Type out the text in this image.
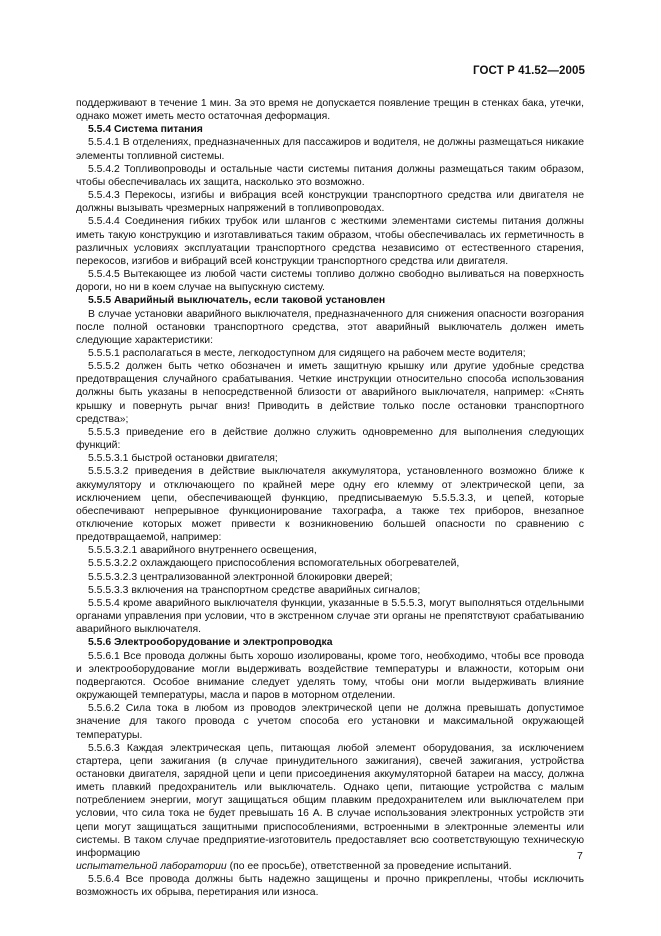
ГОСТ Р 41.52—2005

поддерживают в течение 1 мин. За это время не допускается появление трещин в стенках бака, утечки, однако может иметь место остаточная деформация.

5.5.4 Система питания

5.5.4.1 В отделениях, предназначенных для пассажиров и водителя, не должны размещаться никакие элементы топливной системы.

5.5.4.2 Топливопроводы и остальные части системы питания должны размещаться таким образом, чтобы обеспечивалась их защита, насколько это возможно.

5.5.4.3 Перекосы, изгибы и вибрация всей конструкции транспортного средства или двигателя не должны вызывать чрезмерных напряжений в топливопроводах.

5.5.4.4 Соединения гибких трубок или шлангов с жесткими элементами системы питания должны иметь такую конструкцию и изготавливаться таким образом, чтобы обеспечивалась их герметичность в различных условиях эксплуатации транспортного средства независимо от естественного старения, перекосов, изгибов и вибраций всей конструкции транспортного средства или двигателя.

5.5.4.5 Вытекающее из любой части системы топливо должно свободно выливаться на поверхность дороги, но ни в коем случае на выпускную систему.

5.5.5 Аварийный выключатель, если таковой установлен

В случае установки аварийного выключателя, предназначенного для снижения опасности возгорания после полной остановки транспортного средства, этот аварийный выключатель должен иметь следующие характеристики:

5.5.5.1 располагаться в месте, легкодоступном для сидящего на рабочем месте водителя;

5.5.5.2 должен быть четко обозначен и иметь защитную крышку или другие удобные средства предотвращения случайного срабатывания. Четкие инструкции относительно способа использования должны быть указаны в непосредственной близости от аварийного выключателя, например: «Снять крышку и повернуть рычаг вниз! Приводить в действие только после остановки транспортного средства»;

5.5.5.3 приведение его в действие должно служить одновременно для выполнения следующих функций:

5.5.5.3.1 быстрой остановки двигателя;

5.5.5.3.2 приведения в действие выключателя аккумулятора, установленного возможно ближе к аккумулятору и отключающего по крайней мере одну его клемму от электрической цепи, за исключением цепи, обеспечивающей функцию, предписываемую 5.5.5.3.3, и цепей, которые обеспечивают непрерывное функционирование тахографа, а также тех приборов, внезапное отключение которых может привести к возникновению большей опасности по сравнению с предотвращаемой, например:

5.5.5.3.2.1 аварийного внутреннего освещения,

5.5.5.3.2.2 охлаждающего приспособления вспомогательных обогревателей,

5.5.5.3.2.3 централизованной электронной блокировки дверей;

5.5.5.3.3 включения на транспортном средстве аварийных сигналов;

5.5.5.4 кроме аварийного выключателя функции, указанные в 5.5.5.3, могут выполняться отдельными органами управления при условии, что в экстренном случае эти органы не препятствуют срабатыванию аварийного выключателя.

5.5.6 Электрооборудование и электропроводка

5.5.6.1 Все провода должны быть хорошо изолированы, кроме того, необходимо, чтобы все провода и электрооборудование могли выдерживать воздействие температуры и влажности, которым они подвергаются. Особое внимание следует уделять тому, чтобы они могли выдерживать влияние окружающей температуры, масла и паров в моторном отделении.

5.5.6.2 Сила тока в любом из проводов электрической цепи не должна превышать допустимое значение для такого провода с учетом способа его установки и максимальной окружающей температуры.

5.5.6.3 Каждая электрическая цепь, питающая любой элемент оборудования, за исключением стартера, цепи зажигания (в случае принудительного зажигания), свечей зажигания, устройства остановки двигателя, зарядной цепи и цепи присоединения аккумуляторной батареи на массу, должна иметь плавкий предохранитель или выключатель. Однако цепи, питающие устройства с малым потреблением энергии, могут защищаться общим плавким предохранителем или выключателем при условии, что сила тока не будет превышать 16 А. В случае использования электронных устройств эти цепи могут защищаться защитными приспособлениями, встроенными в электронные элементы или системы. В таком случае предприятие-изготовитель предоставляет всю соответствующую техническую информацию

испытательной лаборатории (по ее просьбе), ответственной за проведение испытаний.

5.5.6.4 Все провода должны быть надежно защищены и прочно прикреплены, чтобы исключить возможность их обрыва, перетирания или износа.

7
